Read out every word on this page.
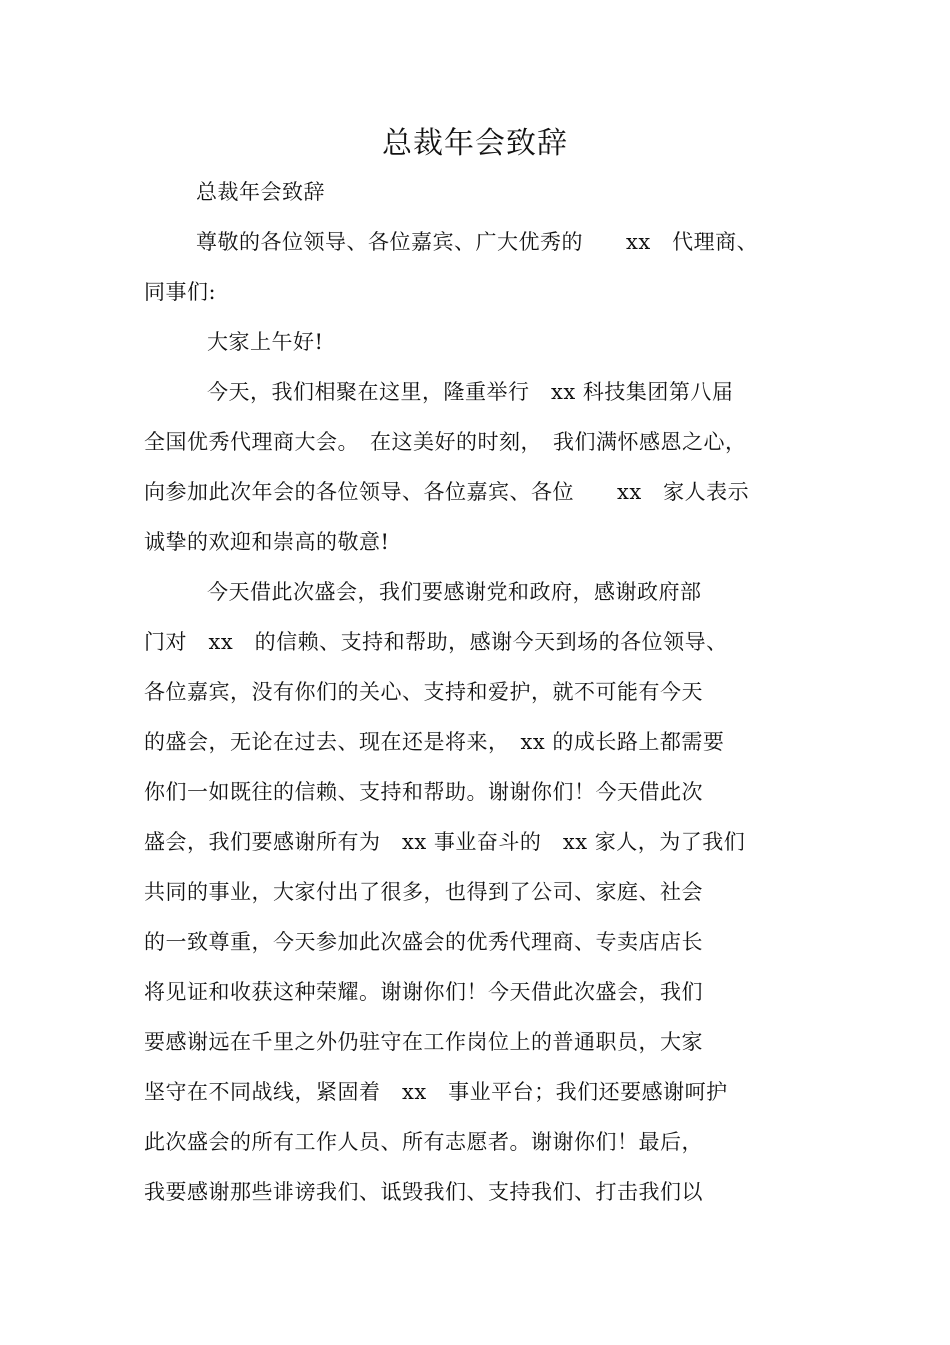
总裁年会致辞
总裁年会致辞
尊敬的各位领导、各位嘉宾、广大优秀的　　xx　代理商、
同事们:
大家上午好!
今天，我们相聚在这里，隆重举行　xx 科技集团第八届
全国优秀代理商大会。　在这美好的时刻，　我们满怀感恩之心，
向参加此次年会的各位领导、各位嘉宾、各位　　xx　家人表示
诚挚的欢迎和崇高的敬意!
今天借此次盛会，我们要感谢党和政府，感谢政府部
门对　xx　的信赖、支持和帮助，感谢今天到场的各位领导、
各位嘉宾，没有你们的关心、支持和爱护，就不可能有今天
的盛会，无论在过去、现在还是将来，　xx 的成长路上都需要
你们一如既往的信赖、支持和帮助。谢谢你们！今天借此次
盛会，我们要感谢所有为　xx 事业奋斗的　xx 家人，为了我们
共同的事业，大家付出了很多，也得到了公司、家庭、社会
的一致尊重，今天参加此次盛会的优秀代理商、专卖店店长
将见证和收获这种荣耀。谢谢你们！今天借此次盛会，我们
要感谢远在千里之外仍驻守在工作岗位上的普通职员，大家
坚守在不同战线，紧固着　xx　事业平台；我们还要感谢呵护
此次盛会的所有工作人员、所有志愿者。谢谢你们！最后，
我要感谢那些诽谤我们、诋毁我们、支持我们、打击我们以
